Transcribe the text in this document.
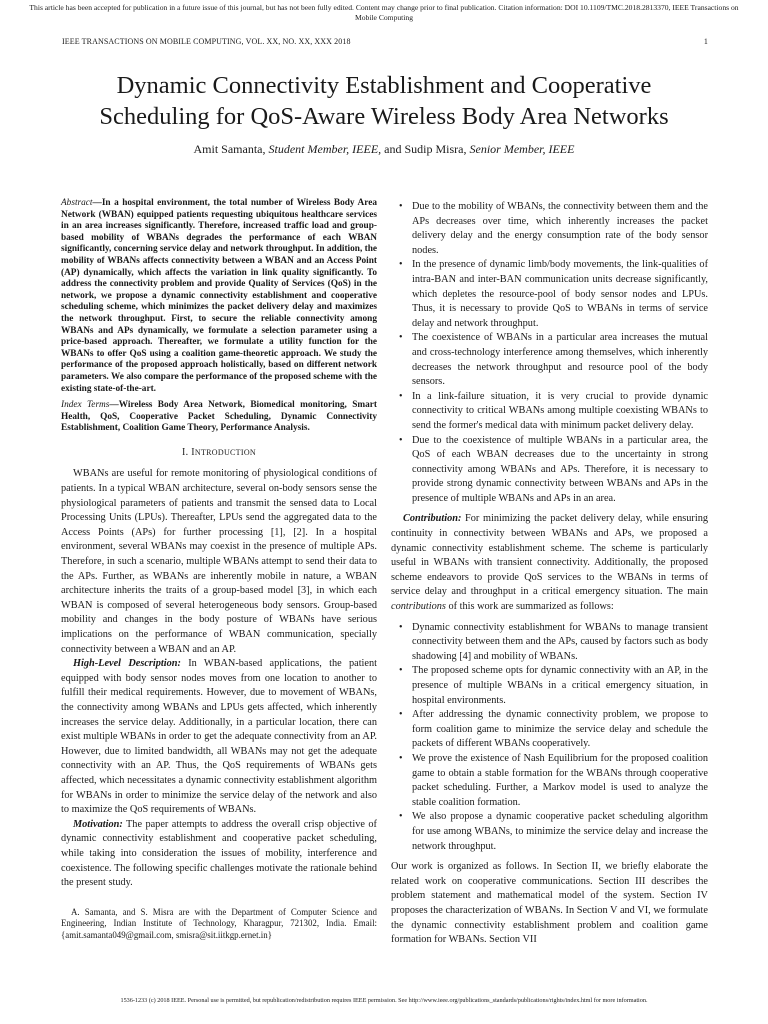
This article has been accepted for publication in a future issue of this journal, but has not been fully edited. Content may change prior to final publication. Citation information: DOI 10.1109/TMC.2018.2813370, IEEE Transactions on Mobile Computing
IEEE TRANSACTIONS ON MOBILE COMPUTING, VOL. XX, NO. XX, XXX 2018	1
Dynamic Connectivity Establishment and Cooperative
Scheduling for QoS-Aware Wireless Body Area Networks
Amit Samanta, Student Member, IEEE, and Sudip Misra, Senior Member, IEEE

Abstract—In a hospital environment, the total number of Wireless Body Area Network (WBAN) equipped patients requesting ubiquitous healthcare services in an area increases significantly. Therefore, increased traffic load and group-based mobility of WBANs degrades the performance of each WBAN significantly, concerning service delay and network throughput. In addition, the mobility of WBANs affects connectivity between a WBAN and an Access Point (AP) dynamically, which affects the variation in link quality significantly. To address the connectivity problem and provide Quality of Services (QoS) in the network, we propose a dynamic connectivity establishment and cooperative scheduling scheme, which minimizes the packet delivery delay and maximizes the network throughput. First, to secure the reliable connectivity among WBANs and APs dynamically, we formulate a selection parameter using a price-based approach. Thereafter, we formulate a utility function for the WBANs to offer QoS using a coalition game-theoretic approach. We study the performance of the proposed approach holistically, based on different network parameters. We also compare the performance of the proposed scheme with the existing state-of-the-art.

Index Terms—Wireless Body Area Network, Biomedical monitoring, Smart Health, QoS, Cooperative Packet Scheduling, Dynamic Connectivity Establishment, Coalition Game Theory, Performance Analysis.

I. INTRODUCTION

WBANs are useful for remote monitoring of physiological conditions of patients. In a typical WBAN architecture, several on-body sensors sense the physiological parameters of patients and transmit the sensed data to Local Processing Units (LPUs). Thereafter, LPUs send the aggregated data to the Access Points (APs) for further processing [1], [2]. In a hospital environment, several WBANs may coexist in the presence of multiple APs. Therefore, in such a scenario, multiple WBANs attempt to send their data to the APs. Further, as WBANs are inherently mobile in nature, a WBAN architecture inherits the traits of a group-based model [3], in which each WBAN is composed of several heterogeneous body sensors. Group-based mobility and changes in the body posture of WBANs have serious implications on the performance of WBAN communication, specially connectivity between a WBAN and an AP.

High-Level Description: In WBAN-based applications, the patient equipped with body sensor nodes moves from one location to another to fulfill their medical requirements. However, due to movement of WBANs, the connectivity among WBANs and LPUs gets affected, which inherently increases the service delay. Additionally, in a particular location, there can exist multiple WBANs in order to get the adequate connectivity from an AP. However, due to limited bandwidth, all WBANs may not get the adequate connectivity with an AP. Thus, the QoS requirements of WBANs gets affected, which necessitates a dynamic connectivity establishment algorithm for WBANs in order to minimize the service delay of the network and also to maximize the QoS requirements of WBANs.

Motivation: The paper attempts to address the overall crisp objective of dynamic connectivity establishment and cooperative packet scheduling, while taking into consideration the issues of mobility, interference and coexistence. The following specific challenges motivate the rationale behind the present study.

A. Samanta, and S. Misra are with the Department of Computer Science and Engineering, Indian Institute of Technology, Kharagpur, 721302, India. Email: {amit.samanta049@gmail.com, smisra@sit.iitkgp.ernet.in}

• Due to the mobility of WBANs, the connectivity between them and the APs decreases over time, which inherently increases the packet delivery delay and the energy consumption rate of the body sensor nodes.
• In the presence of dynamic limb/body movements, the link-qualities of intra-BAN and inter-BAN communication units decrease significantly, which depletes the resource-pool of body sensor nodes and LPUs. Thus, it is necessary to provide QoS to WBANs in terms of service delay and network throughput.
• The coexistence of WBANs in a particular area increases the mutual and cross-technology interference among themselves, which inherently decreases the network throughput and resource pool of the body sensors.
• In a link-failure situation, it is very crucial to provide dynamic connectivity to critical WBANs among multiple coexisting WBANs to send the former's medical data with minimum packet delivery delay.
• Due to the coexistence of multiple WBANs in a particular area, the QoS of each WBAN decreases due to the uncertainty in strong connectivity among WBANs and APs. Therefore, it is necessary to provide strong dynamic connectivity between WBANs and APs in the presence of multiple WBANs and APs in an area.

Contribution: For minimizing the packet delivery delay, while ensuring continuity in connectivity between WBANs and APs, we proposed a dynamic connectivity establishment scheme. The scheme is particularly useful in WBANs with transient connectivity. Additionally, the proposed scheme endeavors to provide QoS services to the WBANs in terms of service delay and throughput in a critical emergency situation. The main contributions of this work are summarized as follows:

• Dynamic connectivity establishment for WBANs to manage transient connectivity between them and the APs, caused by factors such as body shadowing [4] and mobility of WBANs.
• The proposed scheme opts for dynamic connectivity with an AP, in the presence of multiple WBANs in a critical emergency situation, in hospital environments.
• After addressing the dynamic connectivity problem, we propose to form coalition game to minimize the service delay and schedule the packets of different WBANs cooperatively.
• We prove the existence of Nash Equilibrium for the proposed coalition game to obtain a stable formation for the WBANs through cooperative packet scheduling. Further, a Markov model is used to analyze the stable coalition formation.
• We also propose a dynamic cooperative packet scheduling algorithm for use among WBANs, to minimize the service delay and increase the network throughput.

Our work is organized as follows. In Section II, we briefly elaborate the related work on cooperative communications. Section III describes the problem statement and mathematical model of the system. Section IV proposes the characterization of WBANs. In Section V and VI, we formulate the dynamic connectivity establishment problem and coalition game formation for WBANs. Section VII

1536-1233 (c) 2018 IEEE. Personal use is permitted, but republication/redistribution requires IEEE permission. See http://www.ieee.org/publications_standards/publications/rights/index.html for more information.
